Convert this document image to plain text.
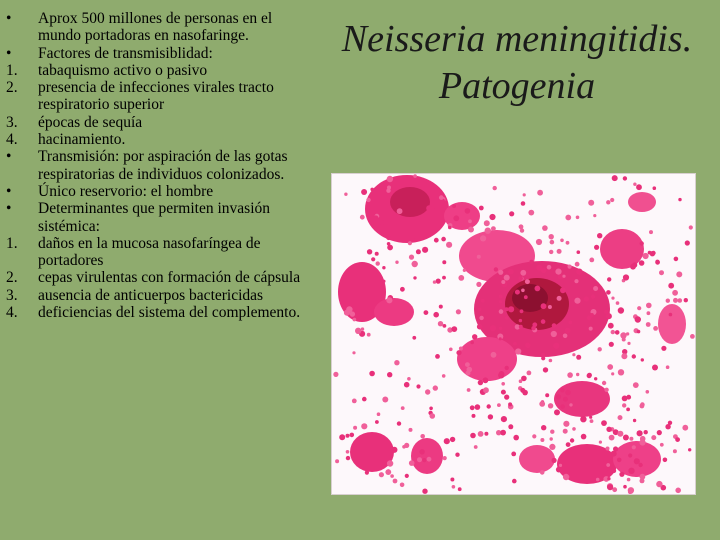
•	Aprox 500 millones de personas en el mundo portadoras en nasofaringe.
•	Factores de transmisiblidad:
1.	tabaquismo activo o pasivo
2.	presencia de infecciones virales tracto respiratorio superior
3.	épocas de sequía
4.	hacinamiento.
•	Transmisión: por aspiración de las gotas respiratorias de individuos colonizados.
•	Único reservorio: el hombre
•	Determinantes que permiten invasión sistémica:
1.	daños en la mucosa nasofaríngea de portadores
2.	cepas virulentas con formación de cápsula
3.	ausencia de anticuerpos bactericidas
4.	deficiencias del sistema del complemento.
Neisseria meningitidis.
Patogenia
